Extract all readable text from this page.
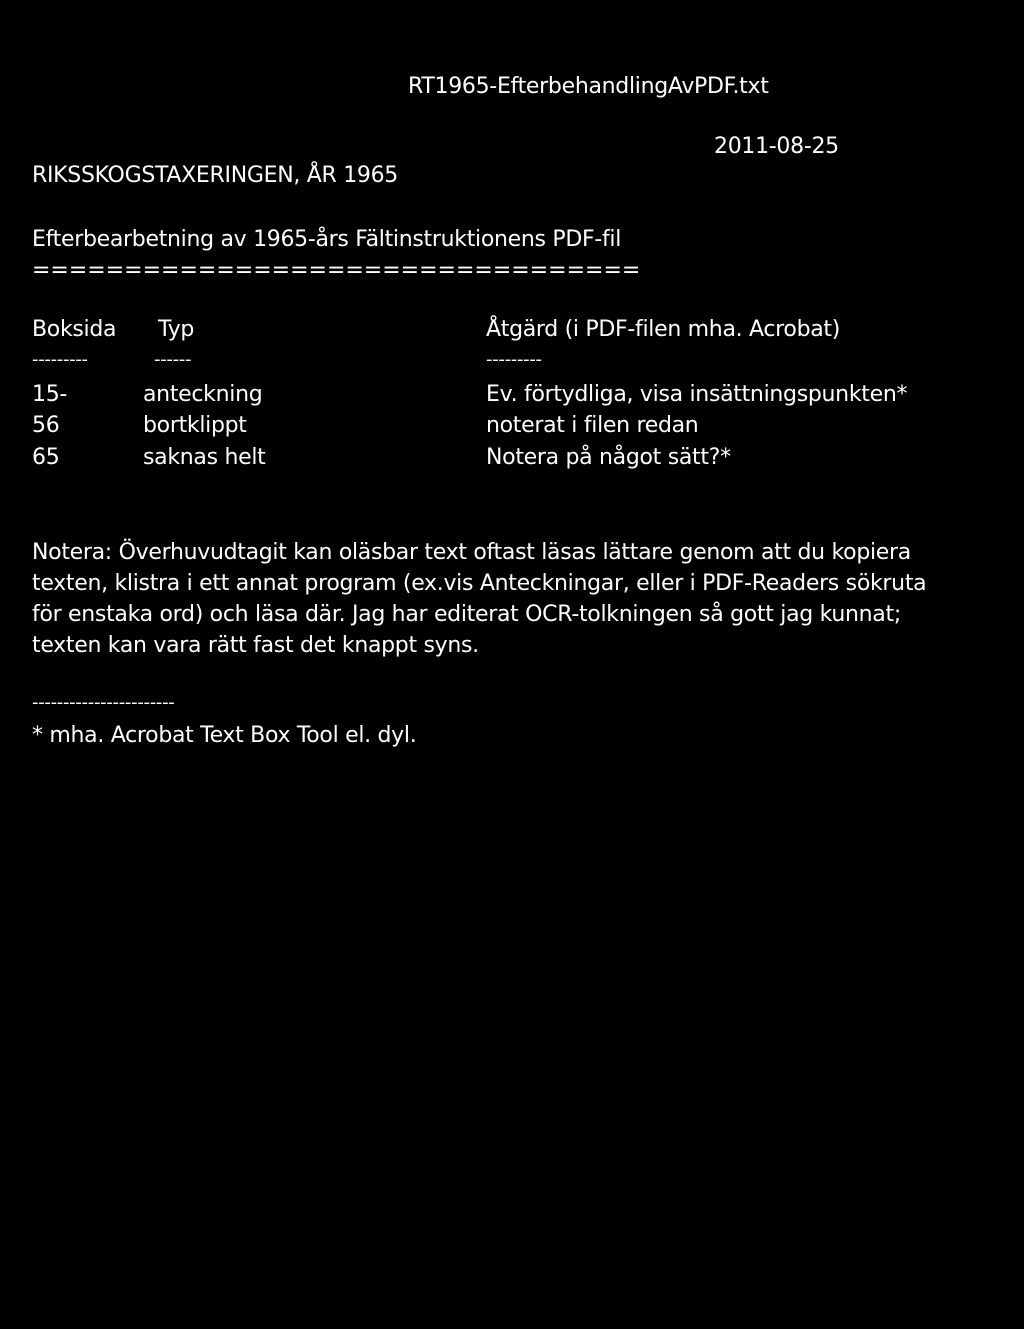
RT1965-EfterbehandlingAvPDF.txt
2011-08-25
RIKSSKOGSTAXERINGEN, ÅR 1965
Efterbearbetning av 1965-års Fältinstruktionens PDF-fil
=================================
Boksida Typ	Åtgärd (i PDF-filen mha. Acrobat)
---------	------	---------
15-	anteckning	Ev. förtydliga, visa insättningspunkten*
56	bortklippt	noterat i filen redan
65	saknas helt	Notera på något sätt?*
Notera: Överhuvudtagit kan oläsbar text oftast läsas lättare genom att du kopiera
texten, klistra i ett annat program (ex.vis Anteckningar, eller i PDF-Readers sökruta
för enstaka ord) och läsa där. Jag har editerat OCR-tolkningen så gott jag kunnat;
texten kan vara rätt fast det knappt syns.
-----------------------
* mha. Acrobat Text Box Tool el. dyl.
